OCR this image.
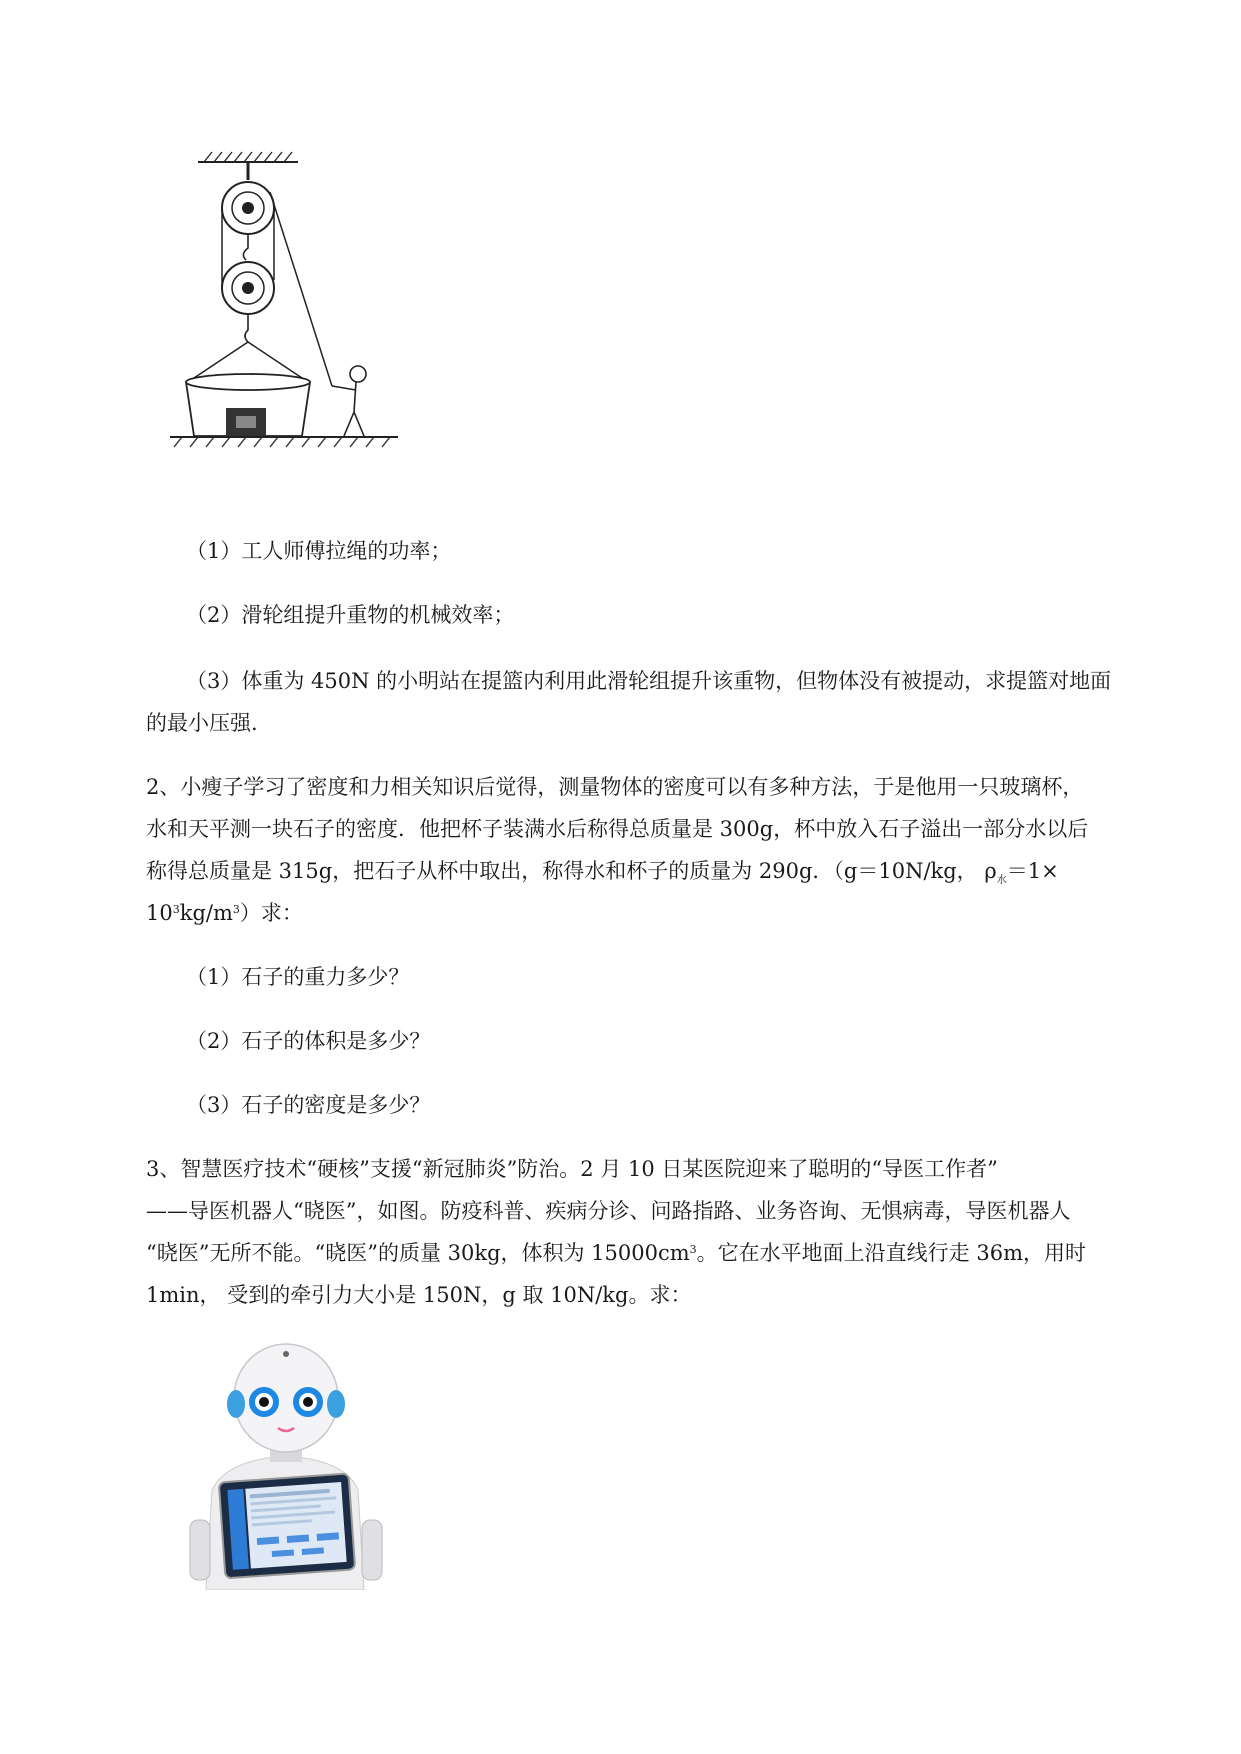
（1）工人师傅拉绳的功率；
（2）滑轮组提升重物的机械效率；
（3）体重为 450N 的小明站在提篮内利用此滑轮组提升该重物，但物体没有被提动，求提篮对地面
的最小压强.
2、小瘦子学习了密度和力相关知识后觉得，测量物体的密度可以有多种方法，于是他用一只玻璃杯，
水和天平测一块石子的密度．他把杯子装满水后称得总质量是 300g，杯中放入石子溢出一部分水以后
称得总质量是 315g，把石子从杯中取出，称得水和杯子的质量为 290g．（g＝10N/kg， $\rho_水=1\times$
$10^3kg/m^3$）求：
（1）石子的重力多少？
（2）石子的体积是多少？
（3）石子的密度是多少？
3、智慧医疗技术“硬核”支援“新冠肺炎”防治。2 月 10 日某医院迎来了聪明的“导医工作者”
——导医机器人“晓医”，如图。防疫科普、疾病分诊、问路指路、业务咨询、无惧病毒，导医机器人
“晓医”无所不能。“晓医”的质量 30kg，体积为 $15000cm^3$。它在水平地面上沿直线行走 36m，用时
1min， 受到的牵引力大小是 150N，g 取 10N/kg。求：
